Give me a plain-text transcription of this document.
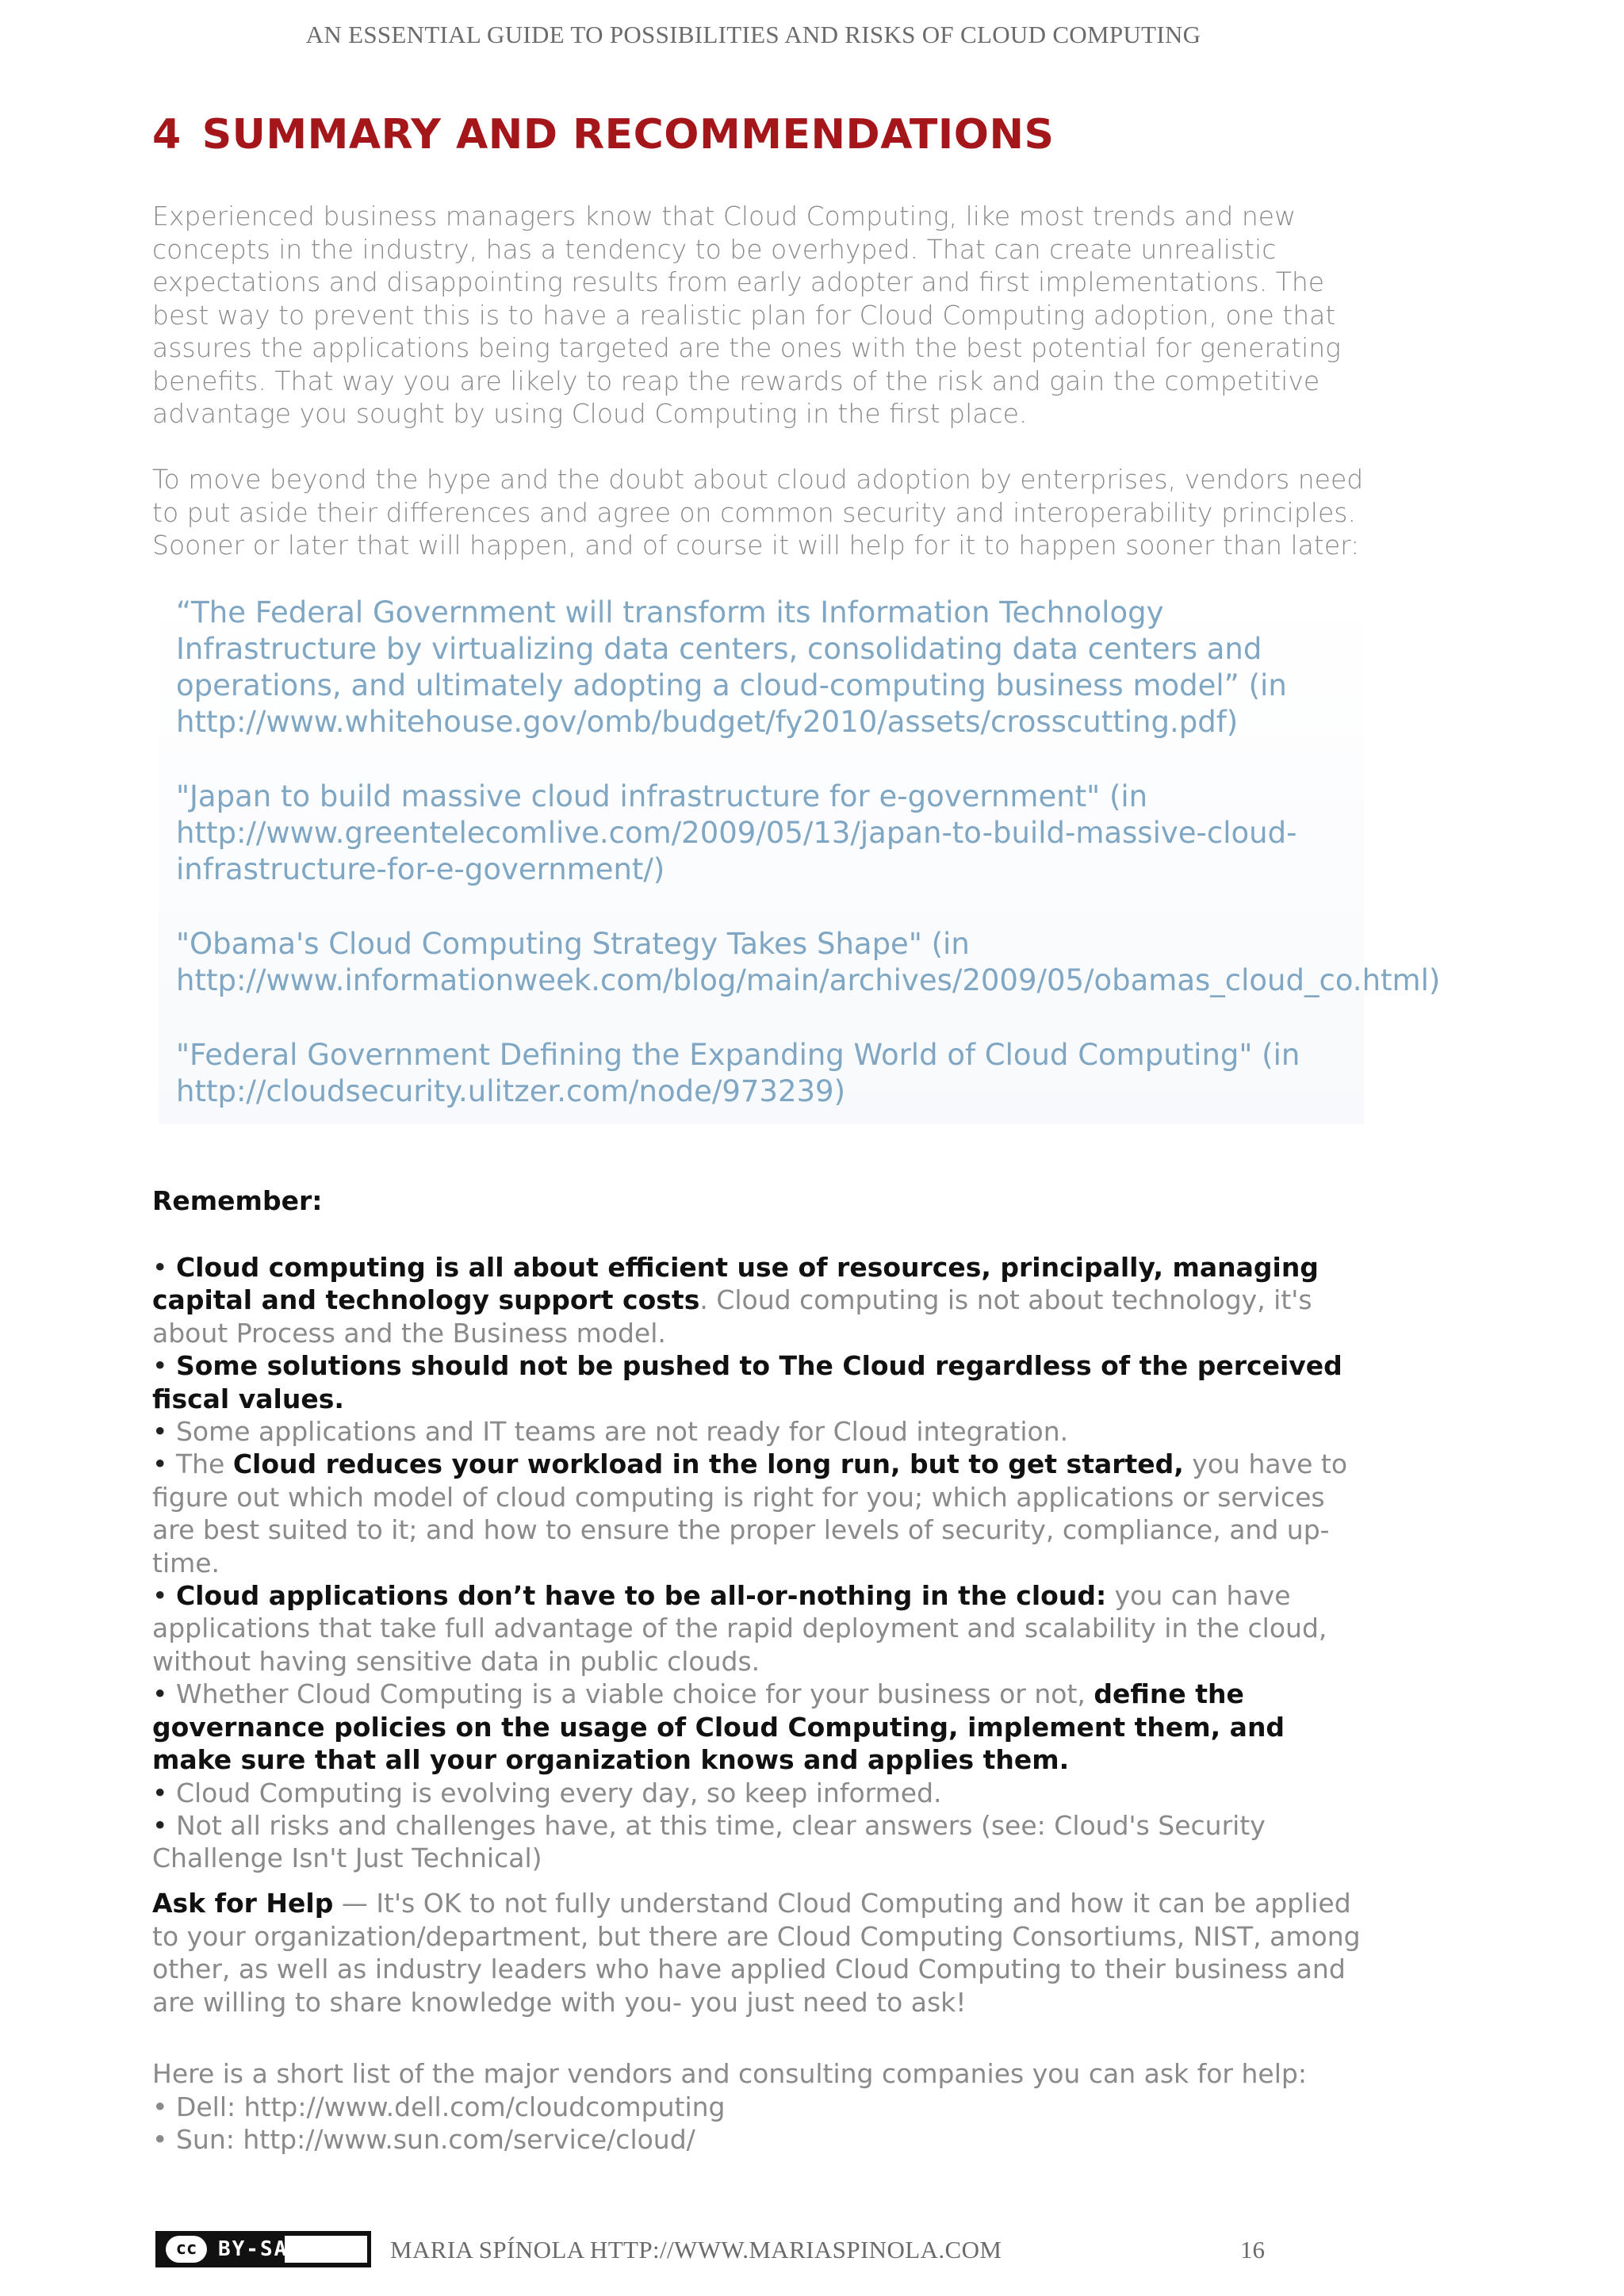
AN ESSENTIAL GUIDE TO POSSIBILITIES AND RISKS OF CLOUD COMPUTING
4 SUMMARY AND RECOMMENDATIONS

Experienced business managers know that Cloud Computing, like most trends and new concepts in the industry, has a tendency to be overhyped. That can create unrealistic expectations and disappointing results from early adopter and first implementations. The best way to prevent this is to have a realistic plan for Cloud Computing adoption, one that assures the applications being targeted are the ones with the best potential for generating benefits. That way you are likely to reap the rewards of the risk and gain the competitive advantage you sought by using Cloud Computing in the first place.

To move beyond the hype and the doubt about cloud adoption by enterprises, vendors need to put aside their differences and agree on common security and interoperability principles. Sooner or later that will happen, and of course it will help for it to happen sooner than later:

“The Federal Government will transform its Information Technology Infrastructure by virtualizing data centers, consolidating data centers and operations, and ultimately adopting a cloud-computing business model” (in http://www.whitehouse.gov/omb/budget/fy2010/assets/crosscutting.pdf)

"Japan to build massive cloud infrastructure for e-government" (in http://www.greentelecomlive.com/2009/05/13/japan-to-build-massive-cloud-infrastructure-for-e-government/)

"Obama's Cloud Computing Strategy Takes Shape" (in http://www.informationweek.com/blog/main/archives/2009/05/obamas_cloud_co.html)

"Federal Government Defining the Expanding World of Cloud Computing" (in http://cloudsecurity.ulitzer.com/node/973239)

Remember:

• Cloud computing is all about efficient use of resources, principally, managing capital and technology support costs. Cloud computing is not about technology, it's about Process and the Business model.

• Some solutions should not be pushed to The Cloud regardless of the perceived fiscal values.

• Some applications and IT teams are not ready for Cloud integration.

• The Cloud reduces your workload in the long run, but to get started, you have to figure out which model of cloud computing is right for you; which applications or services are best suited to it; and how to ensure the proper levels of security, compliance, and up-time.

• Cloud applications don’t have to be all-or-nothing in the cloud: you can have applications that take full advantage of the rapid deployment and scalability in the cloud, without having sensitive data in public clouds.

• Whether Cloud Computing is a viable choice for your business or not, define the governance policies on the usage of Cloud Computing, implement them, and make sure that all your organization knows and applies them.

• Cloud Computing is evolving every day, so keep informed.

• Not all risks and challenges have, at this time, clear answers (see: Cloud's Security Challenge Isn't Just Technical)

Ask for Help — It's OK to not fully understand Cloud Computing and how it can be applied to your organization/department, but there are Cloud Computing Consortiums, NIST, among other, as well as industry leaders who have applied Cloud Computing to their business and are willing to share knowledge with you- you just need to ask!

Here is a short list of the major vendors and consulting companies you can ask for help:
• Dell: http://www.dell.com/cloudcomputing
• Sun: http://www.sun.com/service/cloud/
cc	BY-SA	MARIA SPÍNOLA HTTP://WWW.MARIASPINOLA.COM	16
